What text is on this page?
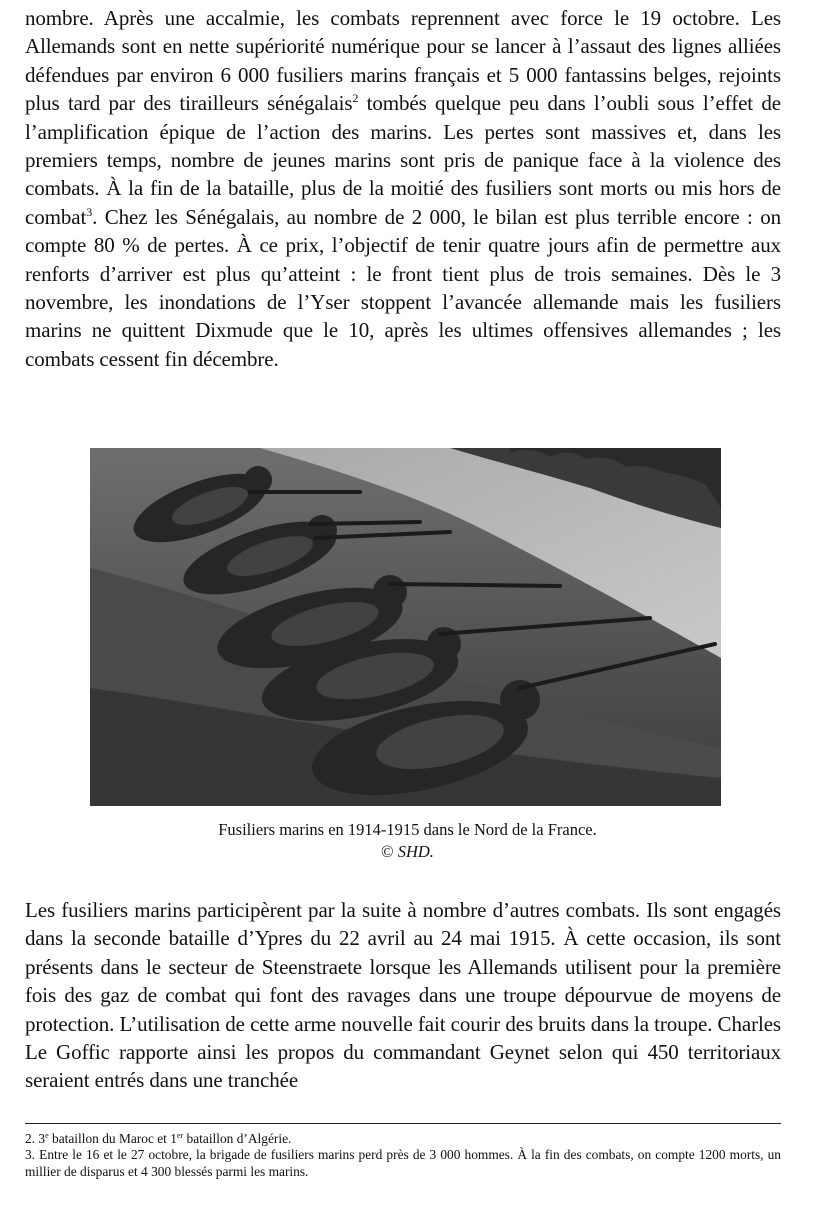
nombre. Après une accalmie, les combats reprennent avec force le 19 octobre. Les Allemands sont en nette supériorité numérique pour se lancer à l’assaut des lignes alliées défendues par environ 6 000 fusiliers marins français et 5 000 fantassins belges, rejoints plus tard par des tirailleurs sénégalais$^2$ tombés quelque peu dans l’oubli sous l’effet de l’amplification épique de l’action des marins. Les pertes sont massives et, dans les premiers temps, nombre de jeunes marins sont pris de panique face à la violence des combats. À la fin de la bataille, plus de la moitié des fusiliers sont morts ou mis hors de combat$^3$. Chez les Sénégalais, au nombre de 2 000, le bilan est plus terrible encore : on compte 80 % de pertes. À ce prix, l’objectif de tenir quatre jours afin de permettre aux renforts d’arriver est plus qu’atteint : le front tient plus de trois semaines. Dès le 3 novembre, les inondations de l’Yser stoppent l’avancée allemande mais les fusiliers marins ne quittent Dixmude que le 10, après les ultimes offensives allemandes ; les combats cessent fin décembre.

Fusiliers marins en 1914-1915 dans le Nord de la France.
© SHD.

Les fusiliers marins participèrent par la suite à nombre d’autres combats. Ils sont engagés dans la seconde bataille d’Ypres du 22 avril au 24 mai 1915. À cette occasion, ils sont présents dans le secteur de Steenstraete lorsque les Allemands utilisent pour la première fois des gaz de combat qui font des ravages dans une troupe dépourvue de moyens de protection. L’utilisation de cette arme nouvelle fait courir des bruits dans la troupe. Charles Le Goffic rapporte ainsi les propos du commandant Geynet selon qui 450 territoriaux seraient entrés dans une tranchée

2. 3e bataillon du Maroc et 1er bataillon d’Algérie.

3. Entre le 16 et le 27 octobre, la brigade de fusiliers marins perd près de 3 000 hommes. À la fin des combats, on compte 1200 morts, un millier de disparus et 4 300 blessés parmi les marins.
